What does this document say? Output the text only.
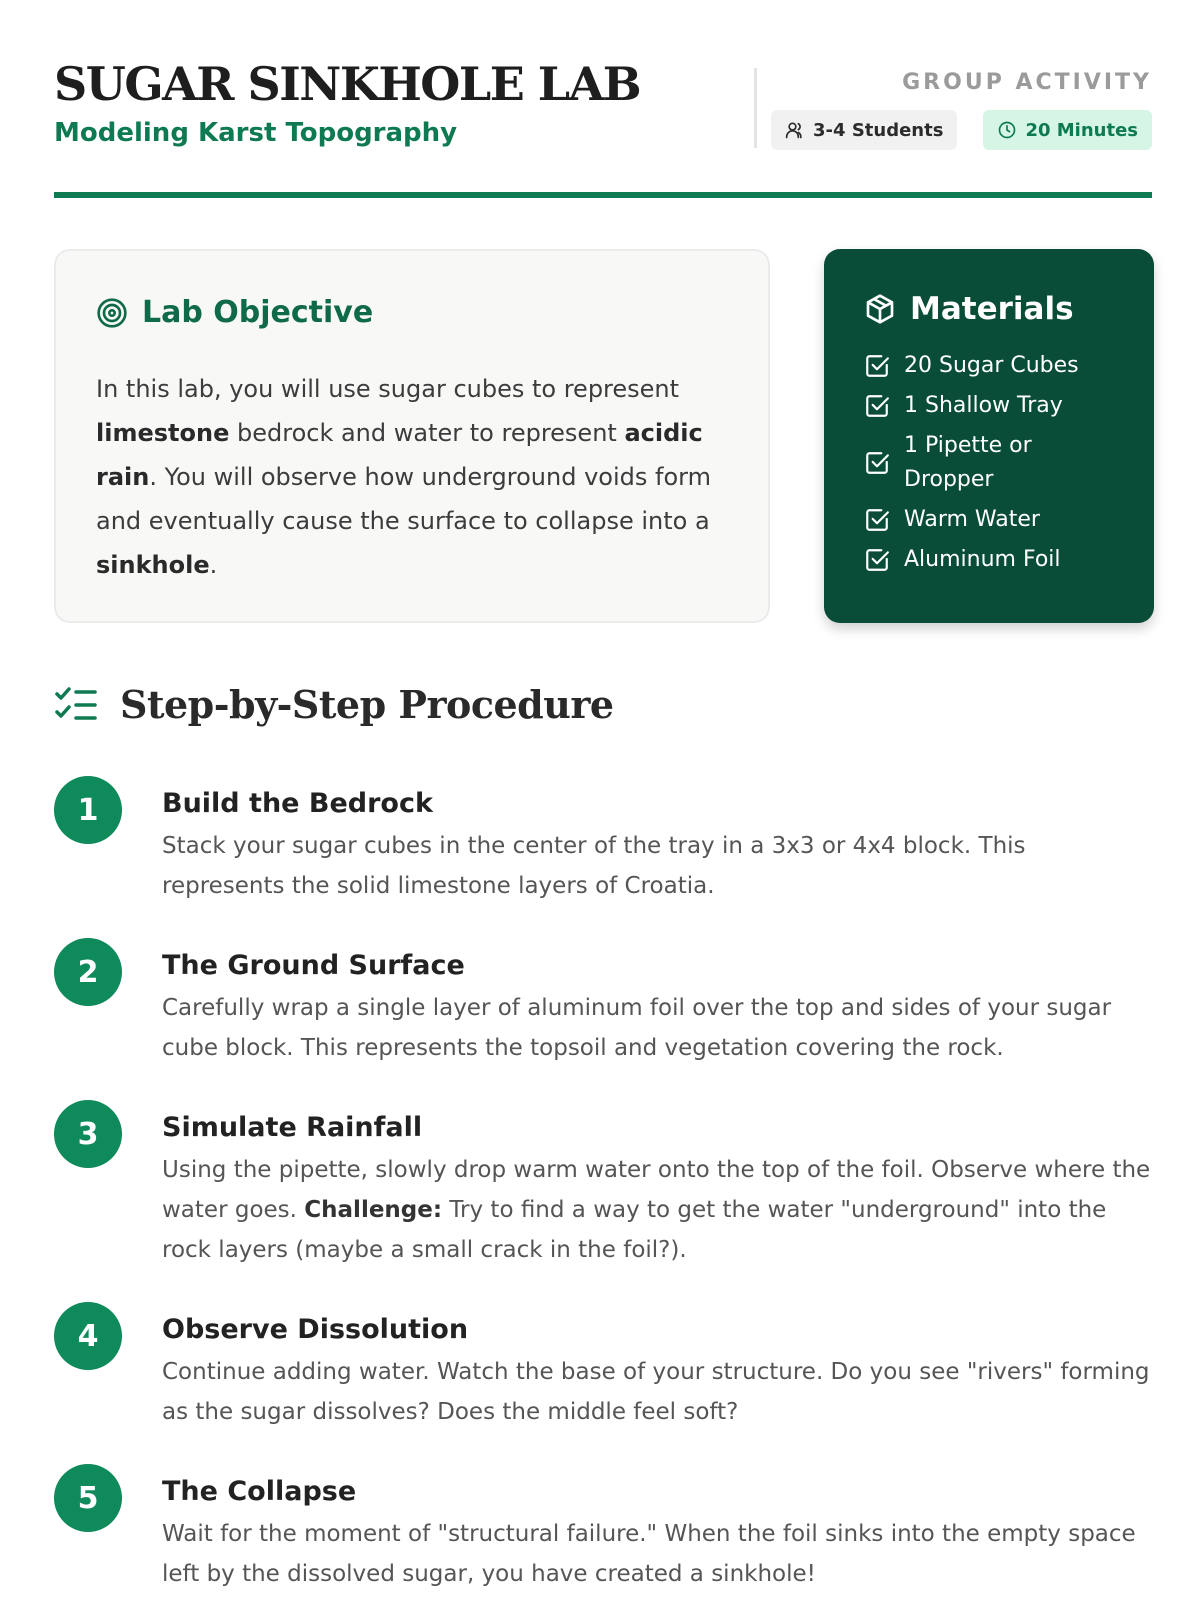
SUGAR SINKHOLE LAB
Modeling Karst Topography
GROUP ACTIVITY
3-4 Students	20 Minutes
Lab Objective

In this lab, you will use sugar cubes to represent limestone bedrock and water to represent acidic rain. You will observe how underground voids form and eventually cause the surface to collapse into a sinkhole.

Materials
20 Sugar Cubes
1 Shallow Tray
1 Pipette or Dropper
Warm Water
Aluminum Foil
Step-by-Step Procedure
1	Build the Bedrock

Stack your sugar cubes in the center of the tray in a 3x3 or 4x4 block. This represents the solid limestone layers of Croatia.

2	The Ground Surface

Carefully wrap a single layer of aluminum foil over the top and sides of your sugar cube block. This represents the topsoil and vegetation covering the rock.

3	Simulate Rainfall

Using the pipette, slowly drop warm water onto the top of the foil. Observe where the water goes. Challenge: Try to find a way to get the water "underground" into the rock layers (maybe a small crack in the foil?).

4	Observe Dissolution

Continue adding water. Watch the base of your structure. Do you see "rivers" forming as the sugar dissolves? Does the middle feel soft?

5	The Collapse

Wait for the moment of "structural failure." When the foil sinks into the empty space left by the dissolved sugar, you have created a sinkhole!
